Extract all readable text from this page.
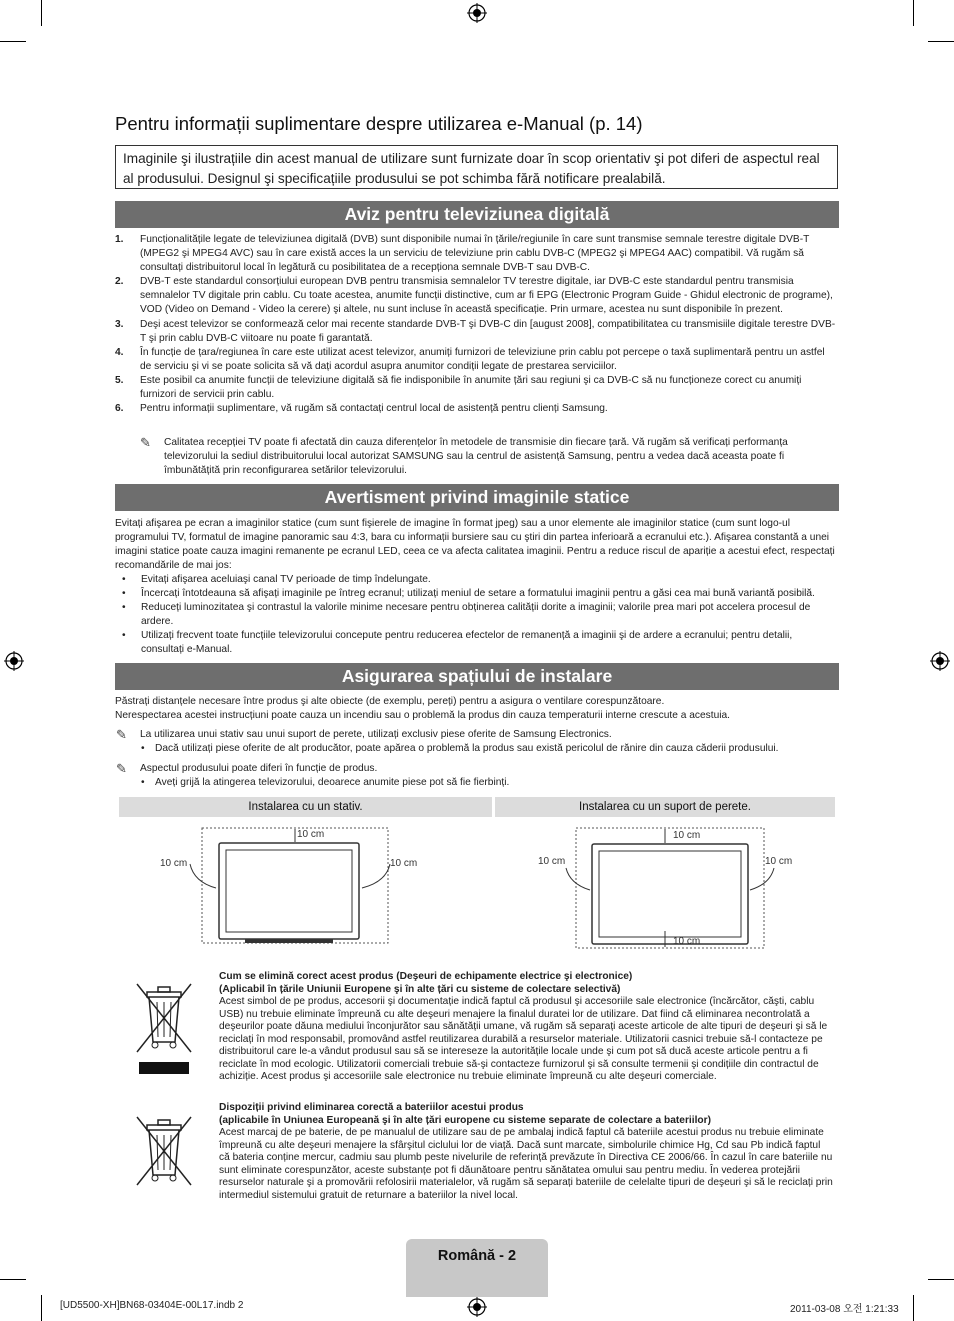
Pentru informații suplimentare despre utilizarea e-Manual (p. 14)
Imaginile şi ilustrațiile din acest manual de utilizare sunt furnizate doar în scop orientativ şi pot diferi de aspectul real al produsului. Designul şi specificațiile produsului se pot schimba fără notificare prealabilă.
Aviz pentru televiziunea digitală
1. Funcționalitățile legate de televiziunea digitală (DVB) sunt disponibile numai în țările/regiunile în care sunt transmise semnale terestre digitale DVB-T (MPEG2 şi MPEG4 AVC) sau în care există acces la un serviciu de televiziune prin cablu DVB-C (MPEG2 şi MPEG4 AAC) compatibil. Vă rugăm să consultați distribuitorul local în legătură cu posibilitatea de a recepționa semnale DVB-T sau DVB-C.
2. DVB-T este standardul consorțiului european DVB pentru transmisia semnalelor TV terestre digitale, iar DVB-C este standardul pentru transmisia semnalelor TV digitale prin cablu. Cu toate acestea, anumite funcții distinctive, cum ar fi EPG (Electronic Program Guide - Ghidul electronic de programe), VOD (Video on Demand - Video la cerere) şi altele, nu sunt incluse în această specificație. Prin urmare, acestea nu sunt disponibile în prezent.
3. Deşi acest televizor se conformează celor mai recente standarde DVB-T şi DVB-C din [august 2008], compatibilitatea cu transmisiile digitale terestre DVB-T şi prin cablu DVB-C viitoare nu poate fi garantată.
4. În funcție de țara/regiunea în care este utilizat acest televizor, anumiți furnizori de televiziune prin cablu pot percepe o taxă suplimentară pentru un astfel de serviciu şi vi se poate solicita să vă dați acordul asupra anumitor condiții legate de prestarea serviciilor.
5. Este posibil ca anumite funcții de televiziune digitală să fie indisponibile în anumite țări sau regiuni şi ca DVB-C să nu funcționeze corect cu anumiți furnizori de servicii prin cablu.
6. Pentru informații suplimentare, vă rugăm să contactați centrul local de asistență pentru clienți Samsung.
✎ Calitatea recepției TV poate fi afectată din cauza diferențelor în metodele de transmisie din fiecare țară. Vă rugăm să verificați performanța televizorului la sediul distribuitorului local autorizat SAMSUNG sau la centrul de asistență Samsung, pentru a vedea dacă aceasta poate fi îmbunătățită prin reconfigurarea setărilor televizorului.
Avertisment privind imaginile statice
Evitați afişarea pe ecran a imaginilor statice (cum sunt fişierele de imagine în format jpeg) sau a unor elemente ale imaginilor statice (cum sunt logo-ul programului TV, formatul de imagine panoramic sau 4:3, bara cu informații bursiere sau cu ştiri din partea inferioară a ecranului etc.). Afişarea constantă a unei imagini statice poate cauza imagini remanente pe ecranul LED, ceea ce va afecta calitatea imaginii. Pentru a reduce riscul de apariție a acestui efect, respectați recomandările de mai jos:
• Evitați afişarea aceluiaşi canal TV perioade de timp îndelungate.
• Încercați întotdeauna să afişați imaginile pe întreg ecranul; utilizați meniul de setare a formatului imaginii pentru a găsi cea mai bună variantă posibilă.
• Reduceți luminozitatea şi contrastul la valorile minime necesare pentru obținerea calității dorite a imaginii; valorile prea mari pot accelera procesul de ardere.
• Utilizați frecvent toate funcțiile televizorului concepute pentru reducerea efectelor de remanență a imaginii şi de ardere a ecranului; pentru detalii, consultați e-Manual.
Asigurarea spațiului de instalare
Păstrați distanțele necesare între produs şi alte obiecte (de exemplu, pereți) pentru a asigura o ventilare corespunzătoare.
Nerespectarea acestei instrucțiuni poate cauza un incendiu sau o problemă la produs din cauza temperaturii interne crescute a acestuia.
✎ La utilizarea unui stativ sau unui suport de perete, utilizați exclusiv piese oferite de Samsung Electronics.
• Dacă utilizați piese oferite de alt producător, poate apărea o problemă la produs sau există pericolul de rănire din cauza căderii produsului.
✎ Aspectul produsului poate diferi în funcție de produs.
• Aveți grijă la atingerea televizorului, deoarece anumite piese pot să fie fierbinți.
Instalarea cu un stativ.	Instalarea cu un suport de perete.
10 cm
10 cm	10 cm
10 cm
10 cm	10 cm
10 cm
Cum se elimină corect acest produs (Deşeuri de echipamente electrice şi electronice)
(Aplicabil în țările Uniunii Europene şi în alte țări cu sisteme de colectare selectivă)
Acest simbol de pe produs, accesorii şi documentație indică faptul că produsul şi accesoriile sale electronice (încărcător, căşti, cablu USB) nu trebuie eliminate împreună cu alte deşeuri menajere la finalul duratei lor de utilizare. Dat fiind că eliminarea necontrolată a deşeurilor poate dăuna mediului înconjurător sau sănătății umane, vă rugăm să separați aceste articole de alte tipuri de deşeuri şi să le reciclați în mod responsabil, promovând astfel reutilizarea durabilă a resurselor materiale. Utilizatorii casnici trebuie să-l contacteze pe distribuitorul care le-a vândut produsul sau să se intereseze la autoritățile locale unde şi cum pot să ducă aceste articole pentru a fi reciclate în mod ecologic. Utilizatorii comerciali trebuie să-şi contacteze furnizorul şi să consulte termenii şi condițiile din contractul de achiziție. Acest produs şi accesoriile sale electronice nu trebuie eliminate împreună cu alte deşeuri comerciale.
Dispoziții privind eliminarea corectă a bateriilor acestui produs
(aplicabile în Uniunea Europeană şi în alte țări europene cu sisteme separate de colectare a bateriilor)
Acest marcaj de pe baterie, de pe manualul de utilizare sau de pe ambalaj indică faptul că bateriile acestui produs nu trebuie eliminate împreună cu alte deşeuri menajere la sfârşitul ciclului lor de viață. Dacă sunt marcate, simbolurile chimice Hg, Cd sau Pb indică faptul că bateria conține mercur, cadmiu sau plumb peste nivelurile de referință prevăzute în Directiva CE 2006/66. În cazul în care bateriile nu sunt eliminate corespunzător, aceste substanțe pot fi dăunătoare pentru sănătatea omului sau pentru mediu. În vederea protejării resurselor naturale şi a promovării refolosirii materialelor, vă rugăm să separați bateriile de celelalte tipuri de deşeuri şi să le reciclați prin intermediul sistemului gratuit de returnare a bateriilor la nivel local.
Română - 2
[UD5500-XH]BN68-03404E-00L17.indb 2	2011-03-08 오전 1:21:33
